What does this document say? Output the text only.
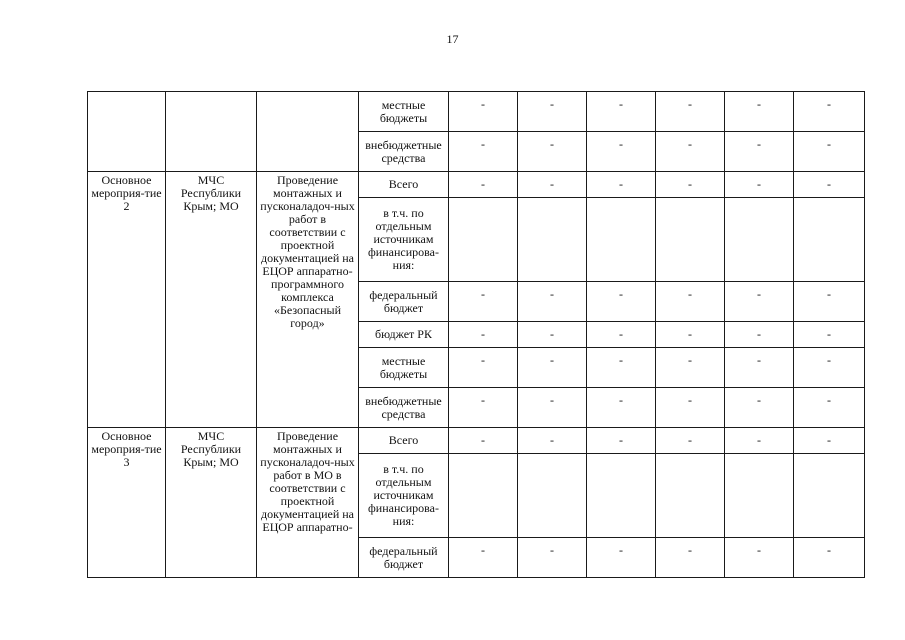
17
			местные бюджеты	-	-	-	-	-	-
			внебюджетные средства	-	-	-	-	-	-
Основное мероприя-тие 2	МЧС Республики Крым; МО	Проведение монтажных и пусконаладоч-ных работ в соответствии с проектной документацией на ЕЦОР аппаратно-программного комплекса «Безопасный город»	Всего	-	-	-	-	-	-
			в т.ч. по отдельным источникам финансирова-ния:						
			федеральный бюджет	-	-	-	-	-	-
			бюджет РК	-	-	-	-	-	-
			местные бюджеты	-	-	-	-	-	-
			внебюджетные средства	-	-	-	-	-	-
Основное мероприя-тие 3	МЧС Республики Крым; МО	Проведение монтажных и пусконаладоч-ных работ в МО в соответствии с проектной документацией на ЕЦОР аппаратно-	Всего	-	-	-	-	-	-
			в т.ч. по отдельным источникам финансирова-ния:						
			федеральный бюджет	-	-	-	-	-	-
